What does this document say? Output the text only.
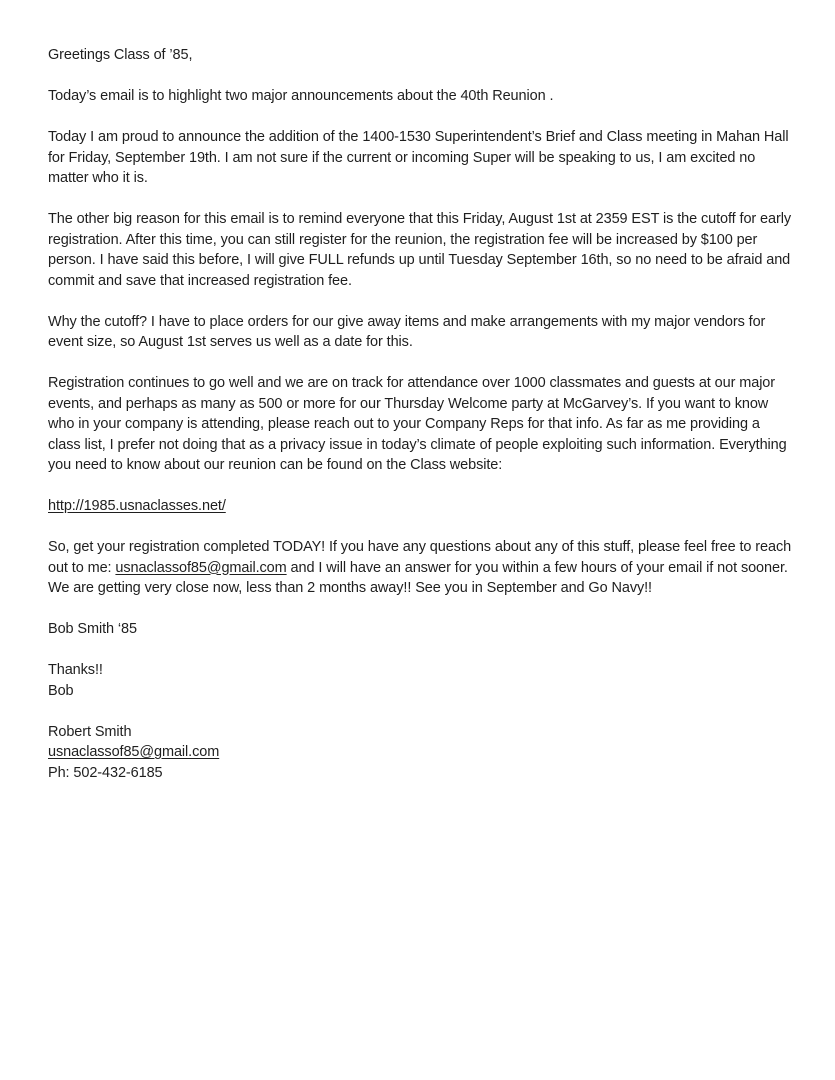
Greetings Class of ’85,

Today’s email is to highlight two major announcements about the 40th Reunion .

Today I am proud to announce the addition of the 1400-1530 Superintendent’s Brief and Class meeting in Mahan Hall for Friday, September 19th. I am not sure if the current or incoming Super will be speaking to us, I am excited no matter who it is.

The other big reason for this email is to remind everyone that this Friday, August 1st at 2359 EST is the cutoff for early registration. After this time, you can still register for the reunion, the registration fee will be increased by $100 per person. I have said this before, I will give FULL refunds up until Tuesday September 16th, so no need to be afraid and commit and save that increased registration fee.

Why the cutoff? I have to place orders for our give away items and make arrangements with my major vendors for event size, so August 1st serves us well as a date for this.

Registration continues to go well and we are on track for attendance over 1000 classmates and guests at our major events, and perhaps as many as 500 or more for our Thursday Welcome party at McGarvey’s. If you want to know who in your company is attending, please reach out to your Company Reps for that info. As far as me providing a class list, I prefer not doing that as a privacy issue in today’s climate of people exploiting such information. Everything you need to know about our reunion can be found on the Class website:

http://1985.usnaclasses.net/

So, get your registration completed TODAY! If you have any questions about any of this stuff, please feel free to reach out to me: usnaclassof85@gmail.com and I will have an answer for you within a few hours of your email if not sooner. We are getting very close now, less than 2 months away!! See you in September and Go Navy!!

Bob Smith ‘85

Thanks!!

Bob

Robert Smith

usnaclassof85@gmail.com

Ph: 502-432-6185
